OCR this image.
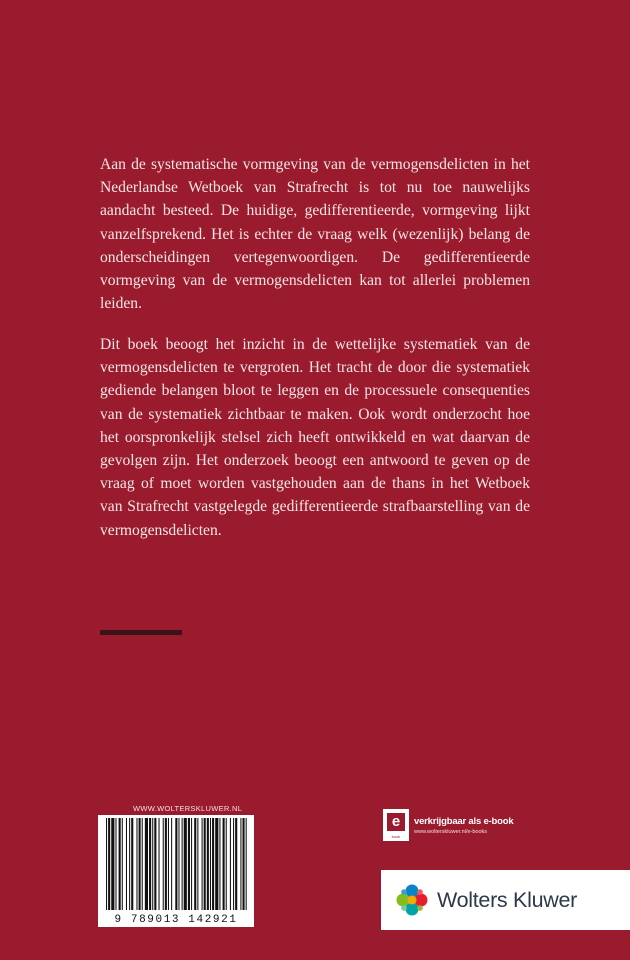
Aan de systematische vormgeving van de vermogensdelicten in het Nederlandse Wetboek van Strafrecht is tot nu toe nauwelijks aandacht besteed. De huidige, gedifferentieerde, vormgeving lijkt vanzelfsprekend. Het is echter de vraag welk (wezenlijk) belang de onderscheidingen vertegenwoordigen. De gedifferentieerde vormgeving van de vermogensdelicten kan tot allerlei problemen leiden.

Dit boek beoogt het inzicht in de wettelijke systematiek van de vermogensdelicten te vergroten. Het tracht de door die systematiek gediende belangen bloot te leggen en de processuele consequenties van de systematiek zichtbaar te maken. Ook wordt onderzocht hoe het oorspronkelijk stelsel zich heeft ontwikkeld en wat daarvan de gevolgen zijn. Het onderzoek beoogt een antwoord te geven op de vraag of moet worden vastgehouden aan de thans in het Wetboek van Strafrecht vastgelegde gedifferentieerde strafbaarstelling van de vermogensdelicten.

WWW.WOLTERSKLUWER.NL
9 789013 142921
e
book
verkrijgbaar als e-book
www.wolterskluwer.nl/e-books
Wolters Kluwer
